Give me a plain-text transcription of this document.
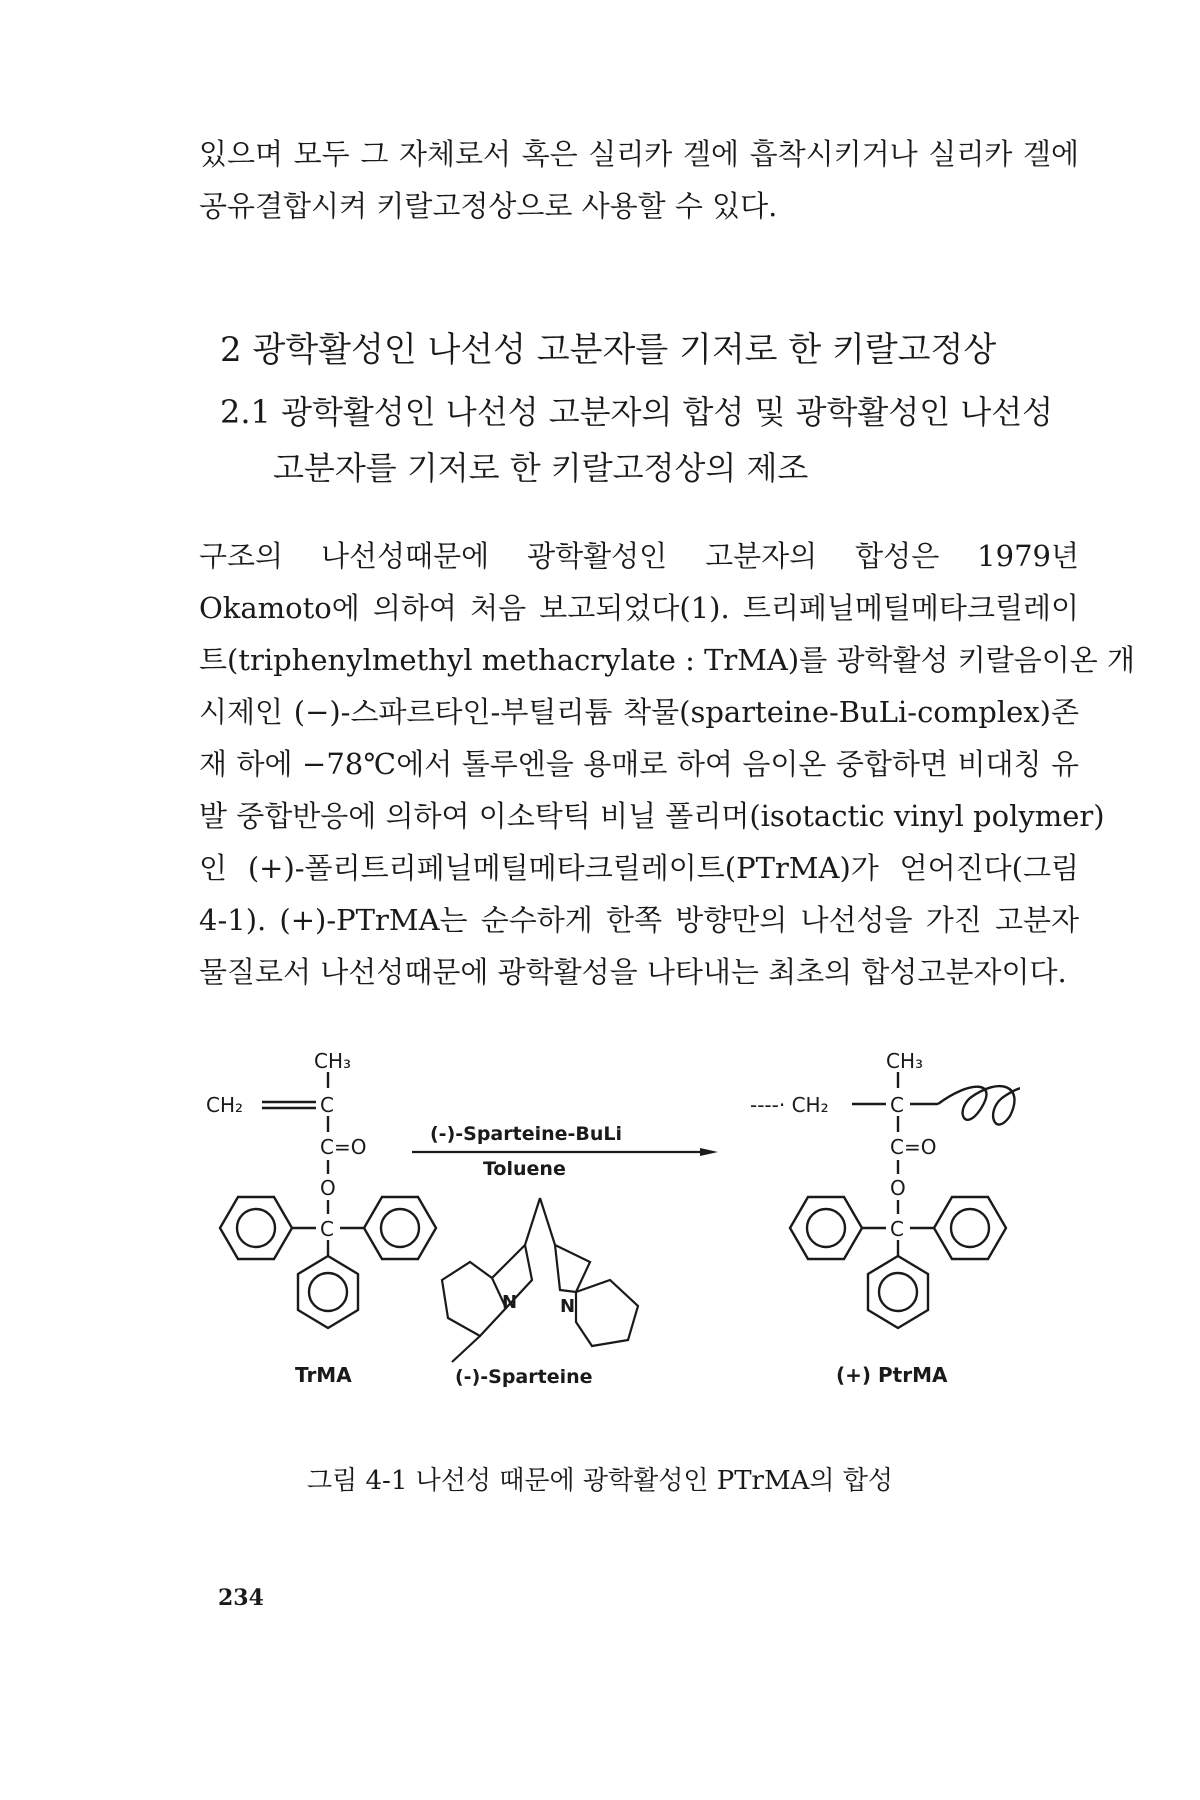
있으며 모두 그 자체로서 혹은 실리카 겔에 흡착시키거나 실리카 겔에
공유결합시켜 키랄고정상으로 사용할 수 있다.

2 광학활성인 나선성 고분자를 기저로 한 키랄고정상
2.1 광학활성인 나선성 고분자의 합성 및 광학활성인 나선성
고분자를 기저로 한 키랄고정상의 제조

구조의 나선성때문에 광학활성인 고분자의 합성은 1979년
Okamoto에 의하여 처음 보고되었다(1). 트리페닐메틸메타크릴레이
트(triphenylmethyl methacrylate : TrMA)를 광학활성 키랄음이온 개
시제인 (−)-스파르타인-부틸리튬 착물(sparteine-BuLi-complex)존
재 하에 −78℃에서 톨루엔을 용매로 하여 음이온 중합하면 비대칭 유
발 중합반응에 의하여 이소탁틱 비닐 폴리머(isotactic vinyl polymer)
인 (+)-폴리트리페닐메틸메타크릴레이트(PTrMA)가 얻어진다(그림
4-1). (+)-PTrMA는 순수하게 한쪽 방향만의 나선성을 가진 고분자
물질로서 나선성때문에 광학활성을 나타내는 최초의 합성고분자이다.

CH₃
CH₂	C
C=O
O
C
TrMA
(-)-Sparteine-BuLi
Toluene
N N
(-)-Sparteine
CH₃
----· CH₂	C
C=O
O
C
(+) PtrMA

그림 4-1 나선성 때문에 광학활성인 PTrMA의 합성

234
